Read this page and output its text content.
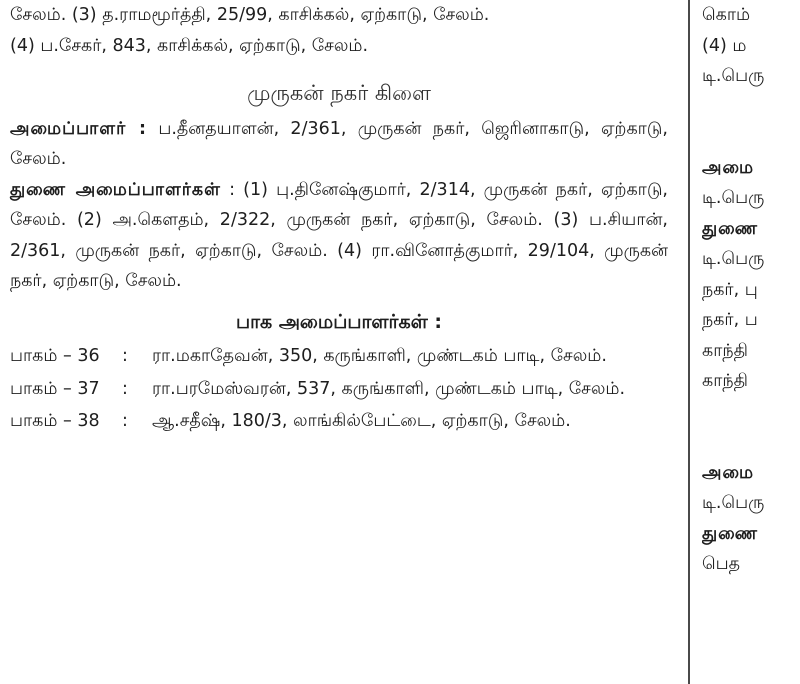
சேலம். (3) த.ராமமூர்த்தி, 25/99, காசிக்கல், ஏற்காடு, சேலம்.

(4) ப.சேகர், 843, காசிக்கல், ஏற்காடு, சேலம்.

முருகன் நகர் கிளை

அமைப்பாளர் : ப.தீனதயாளன், 2/361, முருகன் நகர், ஜெரினாகாடு, ஏற்காடு, சேலம்.

துணை அமைப்பாளர்கள் : (1) பு.தினேஷ்குமார், 2/314, முருகன் நகர், ஏற்காடு, சேலம். (2) அ.கௌதம், 2/322, முருகன் நகர், ஏற்காடு, சேலம். (3) ப.சியான், 2/361, முருகன் நகர், ஏற்காடு, சேலம். (4) ரா.வினோத்குமார், 29/104, முருகன் நகர், ஏற்காடு, சேலம்.

பாக அமைப்பாளர்கள் :
பாகம் – 36	:	ரா.மகாதேவன், 350, கருங்காளி, முண்டகம் பாடி, சேலம்.
பாகம் – 37	:	ரா.பரமேஸ்வரன், 537, கருங்காளி, முண்டகம் பாடி, சேலம்.
பாகம் – 38	:	ஆ.சதீஷ், 180/3, லாங்கில்பேட்டை, ஏற்காடு, சேலம்.
கொம்
(4) ம
டி.பெரு
அமை
டி.பெரு
துணை
டி.பெரு
நகர், பு
நகர், ப
காந்தி
காந்தி
அமை
டி.பெரு
துணை
பெத
